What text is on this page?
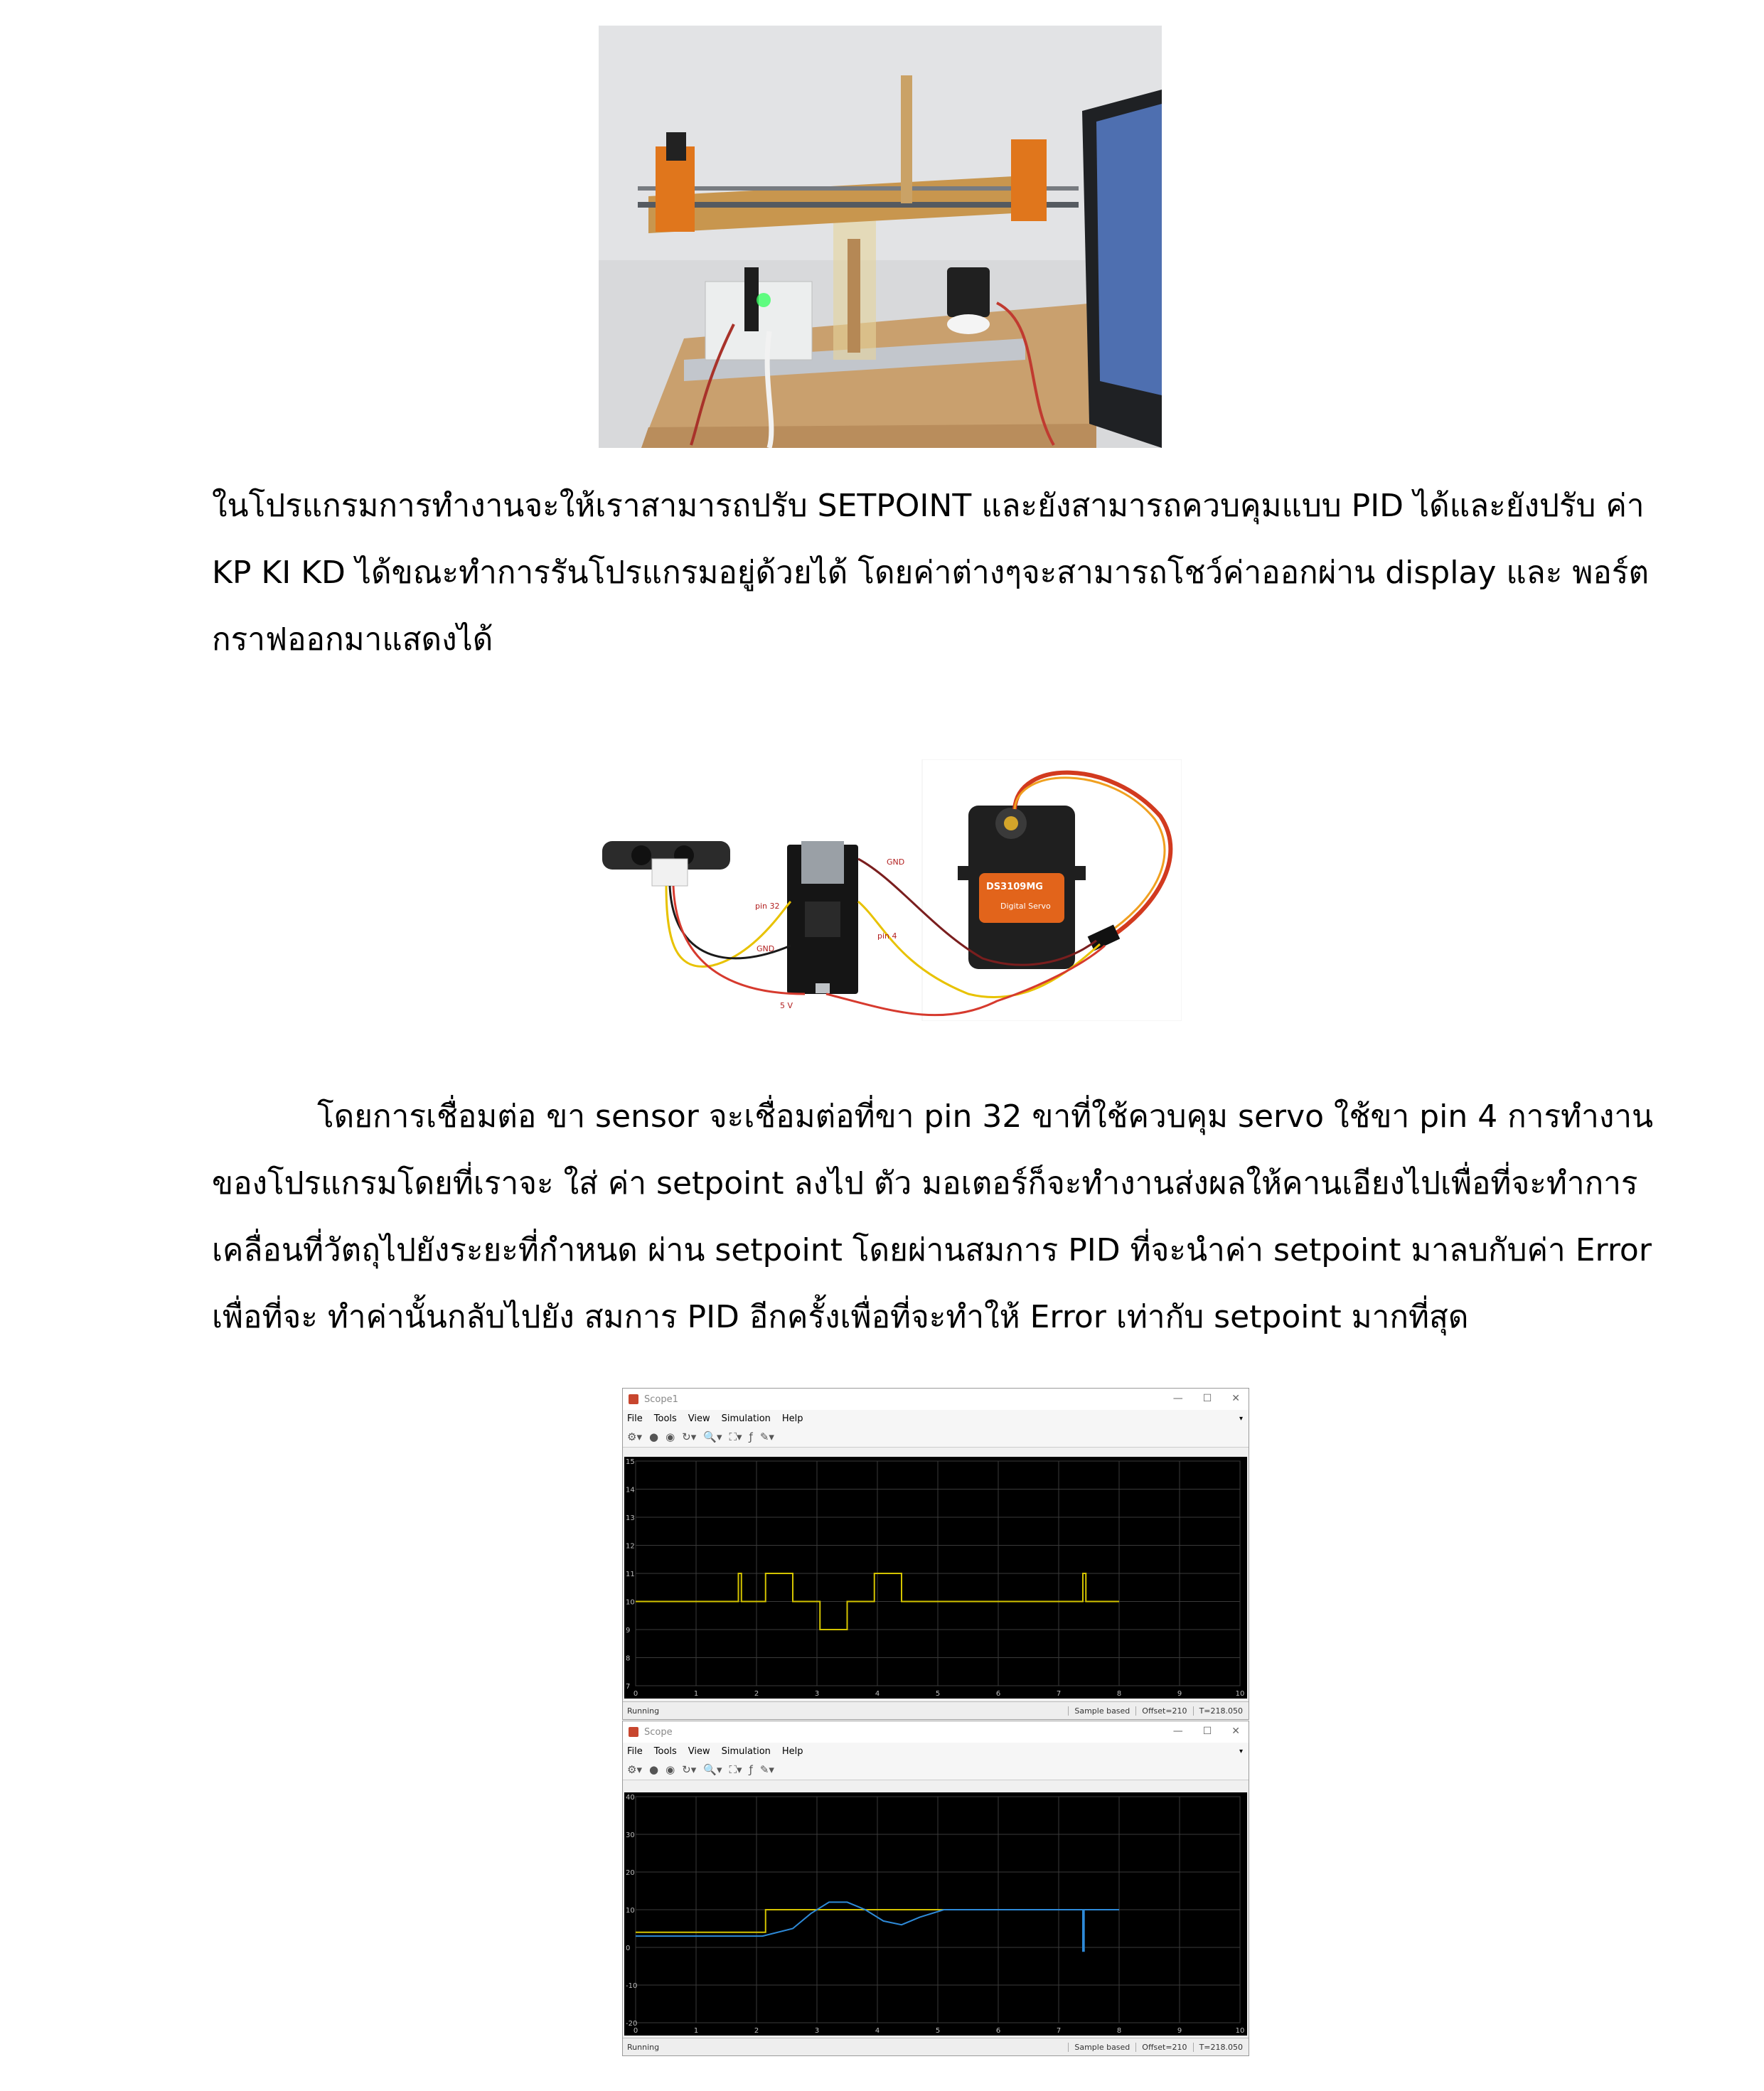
ในโปรแกรมการทำงานจะให้เราสามารถปรับ SETPOINT และยังสามารถควบคุมแบบ PID ได้และยังปรับ ค่า
KP KI KD ได้ขณะทำการรันโปรแกรมอยู่ด้วยได้ โดยค่าต่างๆจะสามารถโชว์ค่าออกผ่าน display และ พอร์ต
กราฟออกมาแสดงได้
DS3109MG
Digital Servo
pin 32
GND
GND
pin 4
5 V
โดยการเชื่อมต่อ ขา sensor จะเชื่อมต่อที่ขา pin 32 ขาที่ใช้ควบคุม servo ใช้ขา pin 4 การทำงาน
ของโปรแกรมโดยที่เราจะ ใส่ ค่า setpoint ลงไป ตัว มอเตอร์ก็จะทำงานส่งผลให้คานเอียงไปเพื่อที่จะทำการ
เคลื่อนที่วัตถุไปยังระยะที่กำหนด ผ่าน setpoint โดยผ่านสมการ PID ที่จะนำค่า setpoint มาลบกับค่า Error
เพื่อที่จะ ทำค่านั้นกลับไปยัง สมการ PID อีกครั้งเพื่อที่จะทำให้ Error เท่ากับ setpoint มากที่สุด
Scope1	— ☐ ✕
File Tools View Simulation Help	▾
⚙▾ ● ◉ ↻▾ 🔍▾ ⛶▾ ƒ ✎▾
0	1	2	3	4	5	6	7	8	9	10
7
8
9
10
11
12
13
14
15
Running	Sample based	Offset=210	T=218.050
Scope	— ☐ ✕
File Tools View Simulation Help	▾
⚙▾ ● ◉ ↻▾ 🔍▾ ⛶▾ ƒ ✎▾
0	1	2	3	4	5	6	7	8	9	10
-20
-10
0
10
20
30
40
Running	Sample based	Offset=210	T=218.050
